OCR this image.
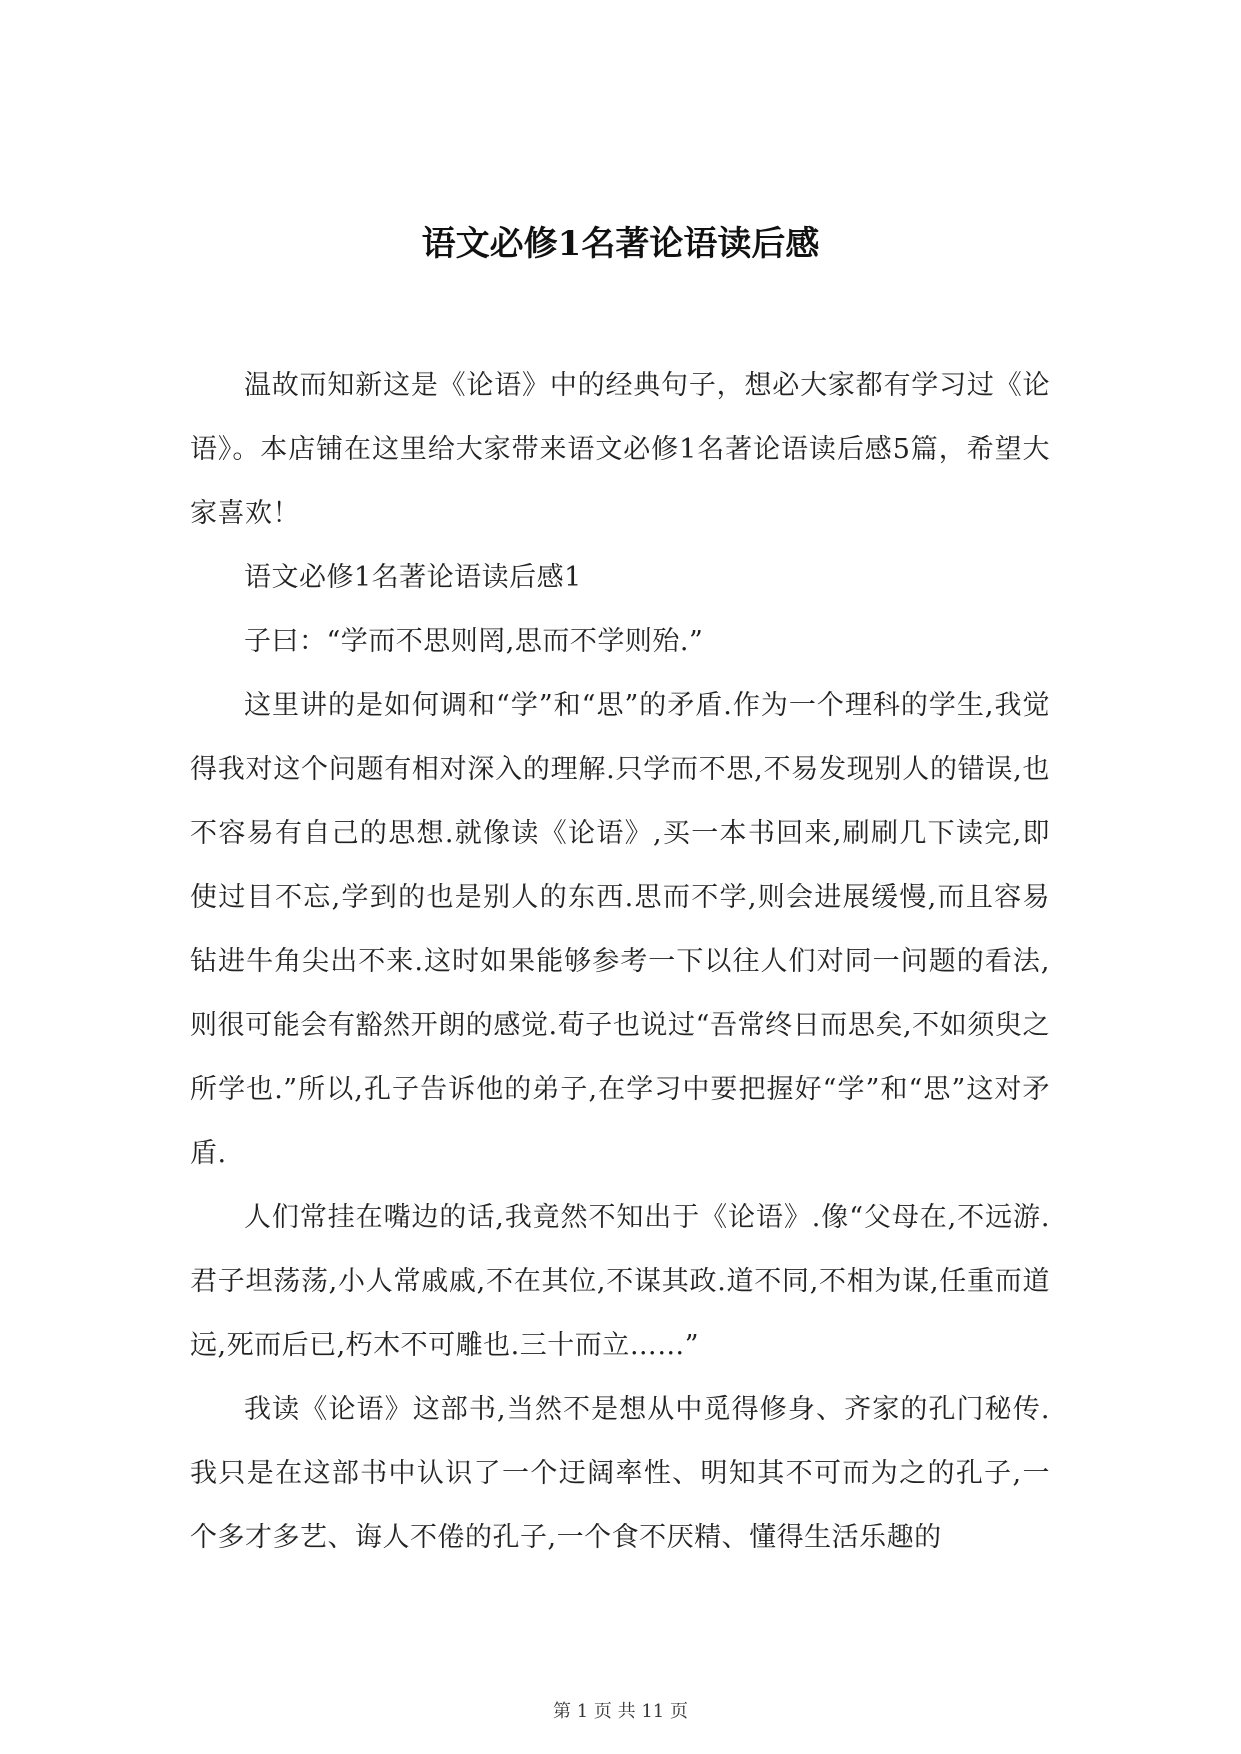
语文必修1名著论语读后感

温故而知新这是《论语》中的经典句子，想必大家都有学习过《论语》。本店铺在这里给大家带来语文必修1名著论语读后感5篇，希望大家喜欢！

语文必修1名著论语读后感1

子曰：“学而不思则罔,思而不学则殆.”

这里讲的是如何调和“学”和“思”的矛盾.作为一个理科的学生,我觉得我对这个问题有相对深入的理解.只学而不思,不易发现别人的错误,也不容易有自己的思想.就像读《论语》,买一本书回来,刷刷几下读完,即使过目不忘,学到的也是别人的东西.思而不学,则会进展缓慢,而且容易钻进牛角尖出不来.这时如果能够参考一下以往人们对同一问题的看法,则很可能会有豁然开朗的感觉.荀子也说过“吾常终日而思矣,不如须臾之所学也.”所以,孔子告诉他的弟子,在学习中要把握好“学”和“思”这对矛盾.

人们常挂在嘴边的话,我竟然不知出于《论语》.像“父母在,不远游.君子坦荡荡,小人常戚戚,不在其位,不谋其政.道不同,不相为谋,任重而道远,死而后已,朽木不可雕也.三十而立……”

我读《论语》这部书,当然不是想从中觅得修身、齐家的孔门秘传.我只是在这部书中认识了一个迂阔率性、明知其不可而为之的孔子,一个多才多艺、诲人不倦的孔子,一个食不厌精、懂得生活乐趣的

第 1 页 共 11 页
